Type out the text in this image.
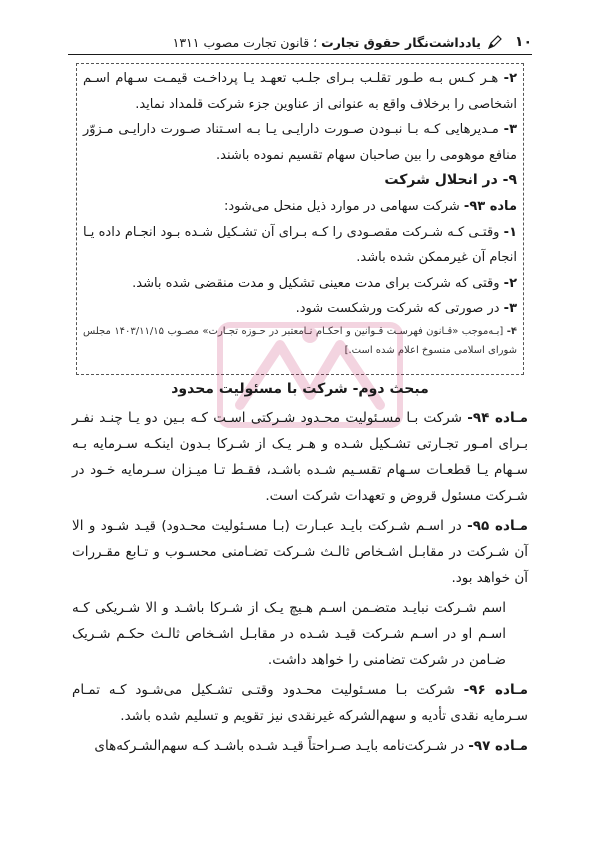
۱۰
یادداشت‌نگار حقوق تجارت ؛ قانون تجارت مصوب ۱۳۱۱

۲- هـر کـس بـه طـور تقلـب بـرای جلـب تعهـد یـا پرداخـت قیمـت سـهام اسـم اشخاصی را برخلاف واقع به عنوانی از عناوین جزء شرکت قلمداد نماید.

۳- مـدیرهایی کـه بـا نبـودن صـورت دارایـی یـا بـه اسـتناد صـورت دارایـی مـزوّر منافع موهومی را بین صاحبان سهام تقسیم نموده باشند.

۹- در انحلال شرکت

ماده ۹۳- شرکت سهامی در موارد ذیل منحل می‌شود:

۱- وقتـی کـه شـرکت مقصـودی را کـه بـرای آن تشـکیل شـده بـود انجـام داده یـا انجام آن غیرممکن شده باشد.

۲- وقتی که شرکت برای مدت معینی تشکیل و مدت منقضی شده باشد.

۳- در صورتی که شرکت ورشکست شود.

۴- [بـه‌موجب «قـانون فهرسـت قـوانین و احکـام نـامعتبر در حـوزه تجـارت» مصـوب ۱۴۰۳/۱۱/۱۵ مجلس شورای اسلامی منسوخ اعلام شده است.]

مبحث دوم- شرکت با مسئولیت محدود

مـاده ۹۴- شرکت بـا مسـئولیت محـدود شـرکتی اسـت کـه بـین دو یـا چنـد نفـر بـرای امـور تجـارتی تشـکیل شـده و هـر یـک از شـرکا بـدون اینکـه سـرمایه بـه سـهام یـا قطعـات سـهام تقسـیم شـده باشـد، فقـط تـا میـزان سـرمایه خـود در شـرکت مسئول قروض و تعهدات شرکت است.

مـاده ۹۵- در اسـم شـرکت بایـد عبـارت (بـا مسـئولیت محـدود) قیـد شـود و الا آن شـرکت در مقابـل اشـخاص ثالـث شـرکت تضـامنی محسـوب و تـابع مقـررات آن خواهد بود.

اسم شـرکت نبایـد متضـمن اسـم هـیچ یـک از شـرکا باشـد و الا شـریکی کـه اسـم او در اسـم شـرکت قیـد شـده در مقابـل اشـخاص ثالـث حکـم شـریک ضـامن در شرکت تضامنی را خواهد داشت.

مـاده ۹۶- شرکت بـا مسـئولیت محـدود وقتـی تشـکیل می‌شـود کـه تمـام سـرمایه نقدی تأدیه و سهم‌الشرکه غیرنقدی نیز تقویم و تسلیم شده باشد.

مـاده ۹۷- در شـرکت‌نامه بایـد صـراحتاً قیـد شـده باشـد کـه سهم‌الشـرکه‌های
